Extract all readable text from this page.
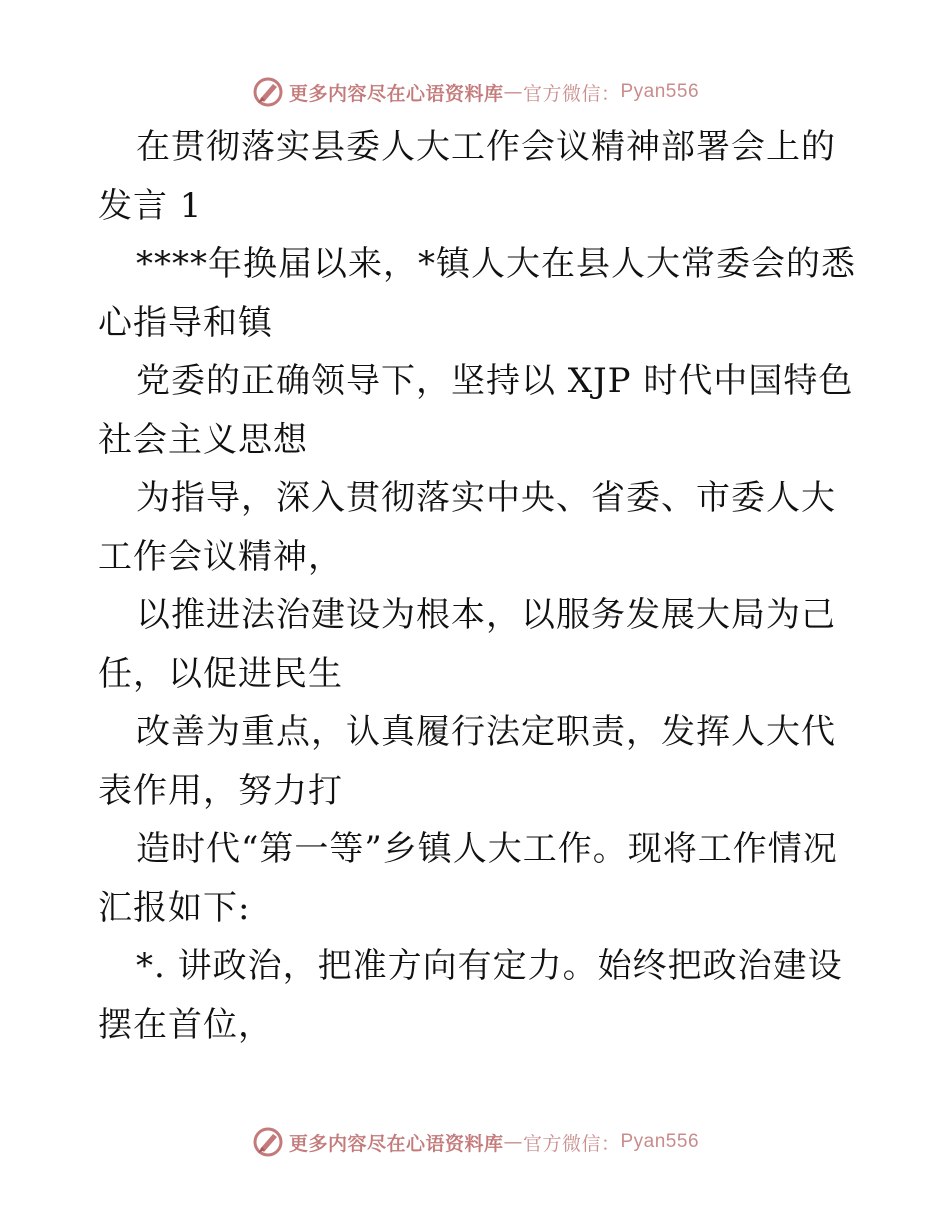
更多内容尽在心语资料库 — 官方微信： Pyan556

在贯彻落实县委人大工作会议精神部署会上的发言 1

****年换届以来，*镇人大在县人大常委会的悉心指导和镇

党委的正确领导下，坚持以 XJP 时代中国特色社会主义思想

为指导，深入贯彻落实中央、省委、市委人大工作会议精神，

以推进法治建设为根本，以服务发展大局为己任，以促进民生

改善为重点，认真履行法定职责，发挥人大代表作用，努力打

造时代“第一等”乡镇人大工作。现将工作情况汇报如下:

*. 讲政治，把准方向有定力。始终把政治建设摆在首位，

更多内容尽在心语资料库 — 官方微信： Pyan556
